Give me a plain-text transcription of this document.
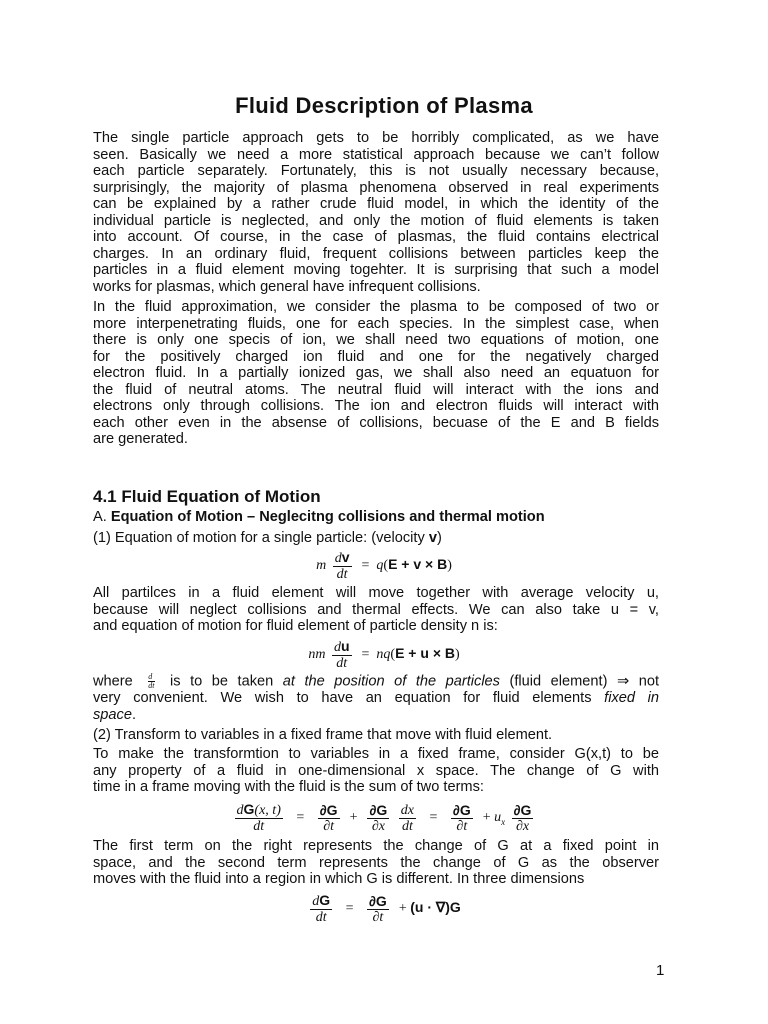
Fluid Description of Plasma
The single particle approach gets to be horribly complicated, as we have
seen. Basically we need a more statistical approach because we can’t follow
each particle separately. Fortunately, this is not usually necessary because,
surprisingly, the majority of plasma phenomena observed in real experiments
can be explained by a rather crude fluid model, in which the identity of the
individual particle is neglected, and only the motion of fluid elements is taken
into account. Of course, in the case of plasmas, the fluid contains electrical
charges. In an ordinary fluid, frequent collisions between particles keep the
particles in a fluid element moving togehter. It is surprising that such a model
works for plasmas, which general have infrequent collisions.
In the fluid approximation, we consider the plasma to be composed of two or
more interpenetrating fluids, one for each species. In the simplest case, when
there is only one specis of ion, we shall need two equations of motion, one
for the positively charged ion fluid and one for the negatively charged
electron fluid. In a partially ionized gas, we shall also need an equatuon for
the fluid of neutral atoms. The neutral fluid will interact with the ions and
electrons only through collisions. The ion and electron fluids will interact with
each other even in the absense of collisions, becuase of the E and B fields
are generated.
4.1 Fluid Equation of Motion
A. Equation of Motion – Neglecitng collisions and thermal motion
(1) Equation of motion for a single particle: (velocity v)
m $\frac{dv}{dt} = q(E + v \times B)$
All partilces in a fluid element will move together with average velocity u,
because will neglect collisions and thermal effects. We can also take u = v,
and equation of motion for fluid element of particle density n is:
nm $\frac{du}{dt} = nq(E + u \times B)$
where $\frac{d}{dt}$ is to be taken at the position of the particles (fluid element) ⇒ not
very convenient. We wish to have an equation for fluid elements fixed in
space.
(2) Transform to variables in a fixed frame that move with fluid element.
To make the transformtion to variables in a fixed frame, consider G(x,t) to be
any property of a fluid in one-dimensional x space. The change of G with
time in a frame moving with the fluid is the sum of two terms:
$\frac{dG(x, t)}{dt} = \frac{\partial G}{\partial t} + \frac{\partial G}{\partial x}$
$\frac{dx}{dt} = \frac{\partial G}{\partial t} + u_x \frac{\partial G}{\partial x}$
The first term on the right represents the change of G at a fixed point in
space, and the second term represents the change of G as the observer
moves with the fluid into a region in which G is different. In three dimensions
$\frac{dG}{dt} = \frac{\partial G}{\partial t} + (u \cdot \nabla)G$
1
